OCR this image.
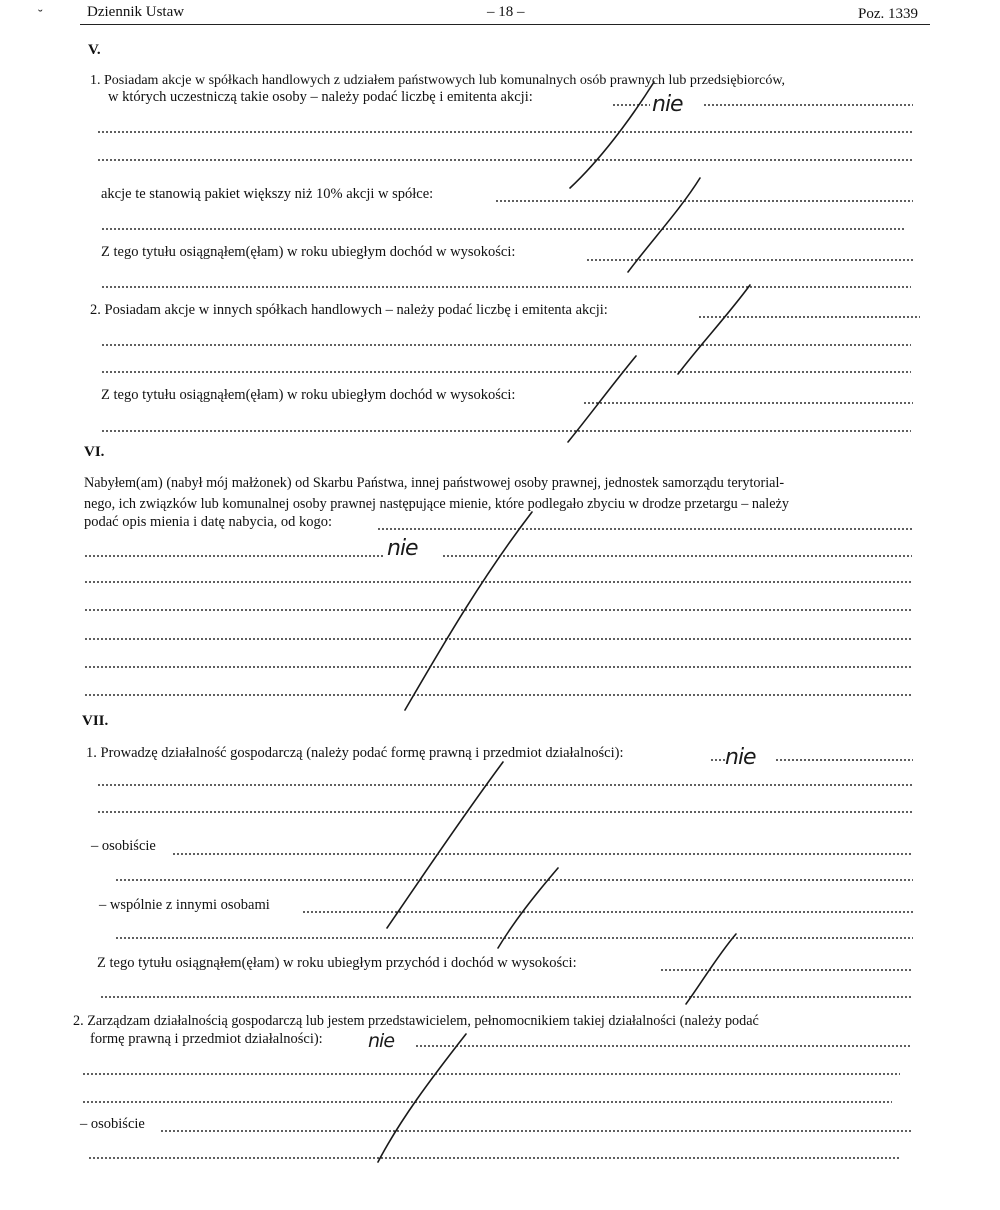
˘	Dziennik Ustaw	– 18 –	Poz. 1339
V.
1. Posiadam akcje w spółkach handlowych z udziałem państwowych lub komunalnych osób prawnych lub przedsiębiorców,
w których uczestniczą takie osoby – należy podać liczbę i emitenta akcji:	nie
akcje te stanowią pakiet większy niż 10% akcji w spółce:
Z tego tytułu osiągnąłem(ęłam) w roku ubiegłym dochód w wysokości:
2. Posiadam akcje w innych spółkach handlowych – należy podać liczbę i emitenta akcji:
Z tego tytułu osiągnąłem(ęłam) w roku ubiegłym dochód w wysokości:
VI.
Nabyłem(am) (nabył mój małżonek) od Skarbu Państwa, innej państwowej osoby prawnej, jednostek samorządu terytorial-
nego, ich związków lub komunalnej osoby prawnej następujące mienie, które podlegało zbyciu w drodze przetargu – należy
podać opis mienia i datę nabycia, od kogo:
nie
VII.
1. Prowadzę działalność gospodarczą (należy podać formę prawną i przedmiot działalności):	nie
– osobiście
– wspólnie z innymi osobami
Z tego tytułu osiągnąłem(ęłam) w roku ubiegłym przychód i dochód w wysokości:
2. Zarządzam działalnością gospodarczą lub jestem przedstawicielem, pełnomocnikiem takiej działalności (należy podać
formę prawną i przedmiot działalności): nie
– osobiście
